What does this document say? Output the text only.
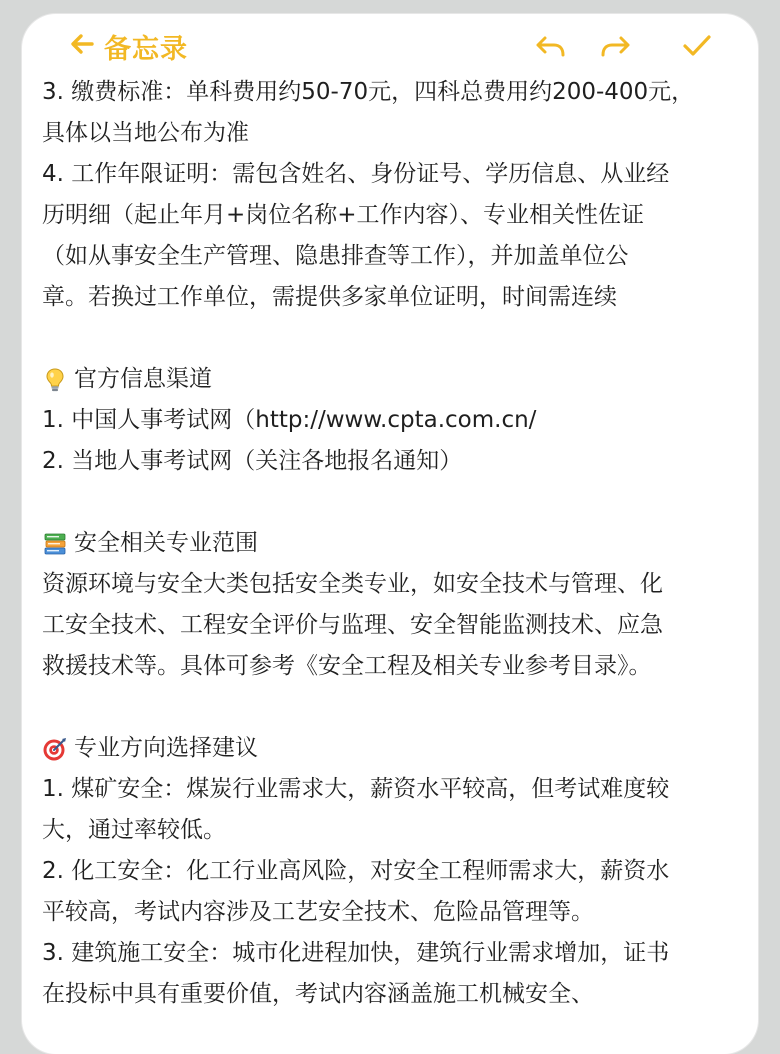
备忘录
3. 缴费标准：单科费用约50-70元，四科总费用约200-400元，
具体以当地公布为准
4. 工作年限证明：需包含姓名、身份证号、学历信息、从业经
历明细（起止年月+岗位名称+工作内容）、专业相关性佐证
（如从事安全生产管理、隐患排查等工作），并加盖单位公
章。若换过工作单位，需提供多家单位证明，时间需连续
官方信息渠道
1. 中国人事考试网（http://www.cpta.com.cn/
2. 当地人事考试网（关注各地报名通知）
安全相关专业范围
资源环境与安全大类包括安全类专业，如安全技术与管理、化
工安全技术、工程安全评价与监理、安全智能监测技术、应急
救援技术等。具体可参考《安全工程及相关专业参考目录》。
专业方向选择建议
1. 煤矿安全：煤炭行业需求大，薪资水平较高，但考试难度较
大，通过率较低。
2. 化工安全：化工行业高风险，对安全工程师需求大，薪资水
平较高，考试内容涉及工艺安全技术、危险品管理等。
3. 建筑施工安全：城市化进程加快，建筑行业需求增加，证书
在投标中具有重要价值，考试内容涵盖施工机械安全、
